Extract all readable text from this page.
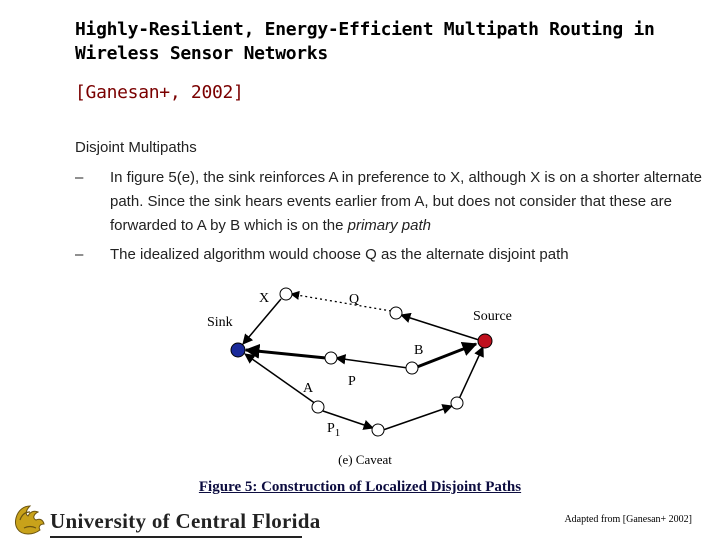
Highly-Resilient, Energy-Efficient Multipath Routing in Wireless Sensor Networks
[Ganesan+, 2002]
Disjoint Multipaths
– In figure 5(e), the sink reinforces A in preference to X, although X is on a shorter alternate path. Since the sink hears events earlier from A, but does not consider that these are forwarded to A by B which is on the primary path
– The idealized algorithm would choose Q as the alternate disjoint path
X	Q
Sink	Source
B
A P
$P_1$
(e) Caveat
Figure 5: Construction of Localized Disjoint Paths
Adapted from [Ganesan+ 2002]
University of Central Florida
